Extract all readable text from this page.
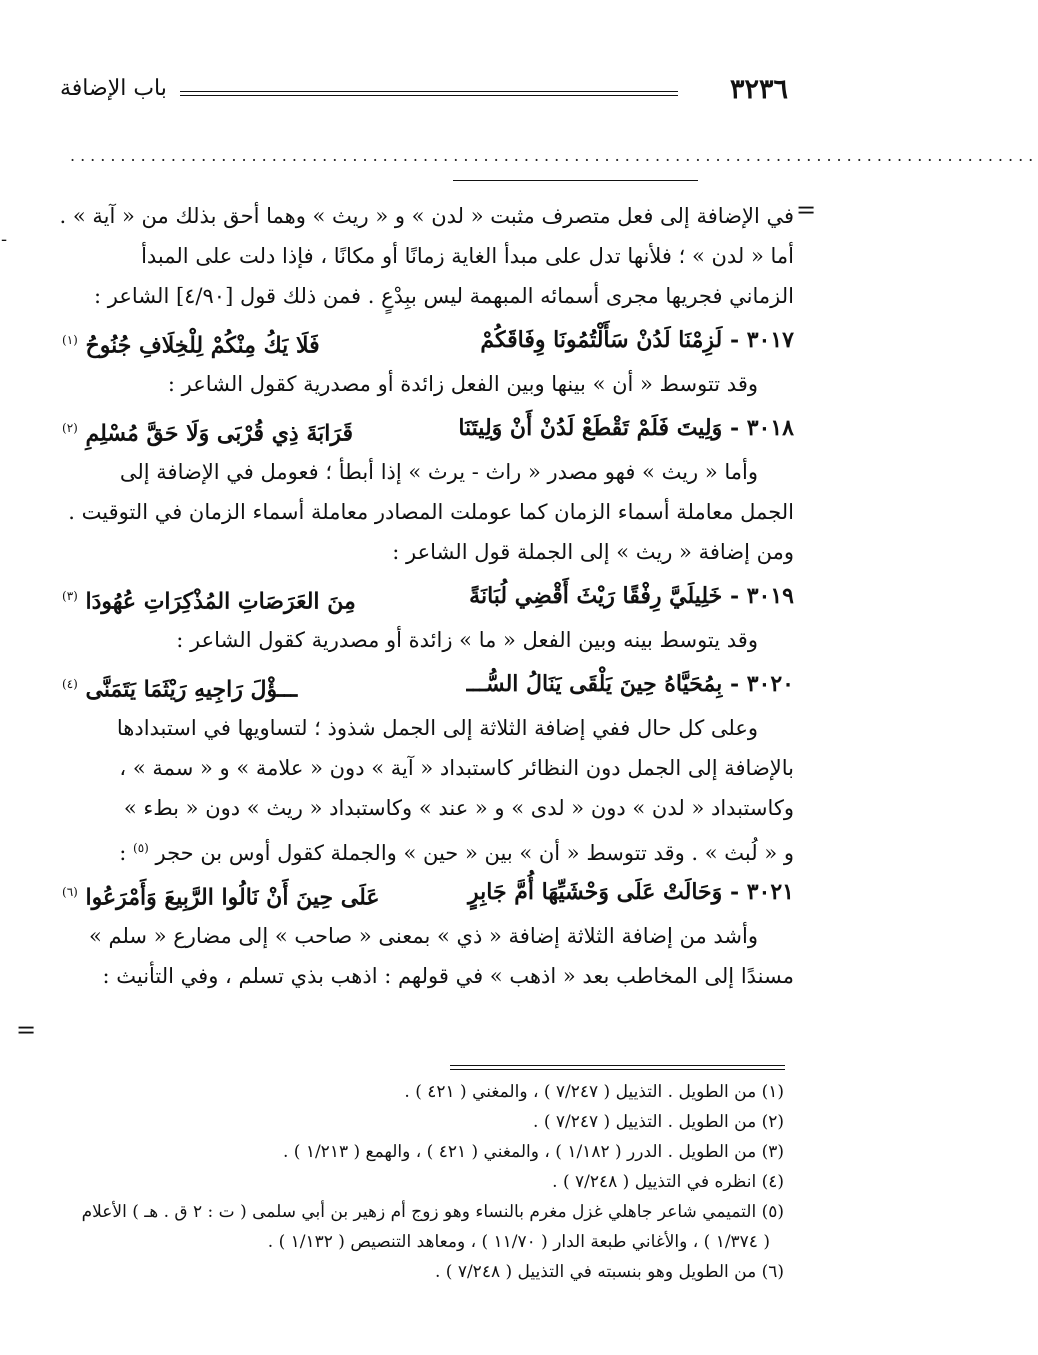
٣٢٣٦
باب الإضافة
................................................................................................
-
=
في الإضافة إلى فعل متصرف مثبت « لدن » و « ريث » وهما أحق بذلك من « آية » .
أما « لدن » ؛ فلأنها تدل على مبدأ الغاية زمانًا أو مكانًا ، فإذا دلت على المبدأ
الزماني فجريها مجرى أسمائه المبهمة ليس ببِدْعٍ . فمن ذلك قول [٤/٩٠] الشاعر :
٣٠١٧ - لَزِمْنَا لَدُنْ سَأَلْتُمُونَا وِفَاقَكُمْ
فَلَا يَكُ مِنْكُمْ لِلْخِلَافِ جُنُوحُ $^{(١)}$
وقد تتوسط « أن » بينها وبين الفعل زائدة أو مصدرية كقول الشاعر :
٣٠١٨ - وَلِيتَ فَلَمْ تَقْطَعْ لَدُنْ أَنْ وَلِيتَنَا
قَرَابَةَ ذِي قُرْبَى وَلَا حَقَّ مُسْلِمِ $^{(٢)}$
وأما « ريث » فهو مصدر « راث - يرث » إذا أبطأ ؛ فعومل في الإضافة إلى
الجمل معاملة أسماء الزمان كما عوملت المصادر معاملة أسماء الزمان في التوقيت .
ومن إضافة « ريث » إلى الجملة قول الشاعر :
٣٠١٩ - خَلِيلَيَّ رِفْقًا رَيْثَ أَقْضِي لُبَانَةً
مِنَ العَرَصَاتِ المُذْكِرَاتِ عُهُودَا $^{(٣)}$
وقد يتوسط بينه وبين الفعل « ما » زائدة أو مصدرية كقول الشاعر :
٣٠٢٠ - بِمُحَيَّاهُ حِينَ يَلْقَى يَنَالُ السُّـــ
ـــؤْلَ رَاجِيهِ رَيْثَمَا يَتَمَنَّى $^{(٤)}$
وعلى كل حال ففي إضافة الثلاثة إلى الجمل شذوذ ؛ لتساويها في استبدادها
بالإضافة إلى الجمل دون النظائر كاستبداد « آية » دون « علامة » و « سمة » ،
وكاستبداد « لدن » دون « لدى » و « عند » وكاستبداد « ريث » دون « بطء »
و « لُبث » . وقد تتوسط « أن » بين « حين » والجملة كقول أوس بن حجر $^{(٥)}$ :
٣٠٢١ - وَحَالَتْ عَلَى وَحْشَيِّهَا أُمَّ جَابِرٍ
عَلَى حِينَ أَنْ نَالُوا الرَّبِيعَ وَأَمْرَعُوا $^{(٦)}$
وأشد من إضافة الثلاثة إضافة « ذي » بمعنى « صاحب » إلى مضارع « سلم »
مسندًا إلى المخاطب بعد « اذهب » في قولهم : اذهب بذي تسلم ، وفي التأنيث :
=
(١) من الطويل . التذييل ( ٧/٢٤٧ ) ، والمغني ( ٤٢١ ) .
(٢) من الطويل . التذييل ( ٧/٢٤٧ ) .
(٣) من الطويل . الدرر ( ١/١٨٢ ) ، والمغني ( ٤٢١ ) ، والهمع ( ١/٢١٣ ) .
(٤) انظره في التذييل ( ٧/٢٤٨ ) .
(٥) التميمي شاعر جاهلي غزل مغرم بالنساء وهو زوج أم زهير بن أبي سلمى ( ت : ٢ ق . هـ ) الأعلام
( ١/٣٧٤ ) ، والأغاني طبعة الدار ( ١١/٧٠ ) ، ومعاهد التنصيص ( ١/١٣٢ ) .
(٦) من الطويل وهو بنسبته في التذييل ( ٧/٢٤٨ ) .
